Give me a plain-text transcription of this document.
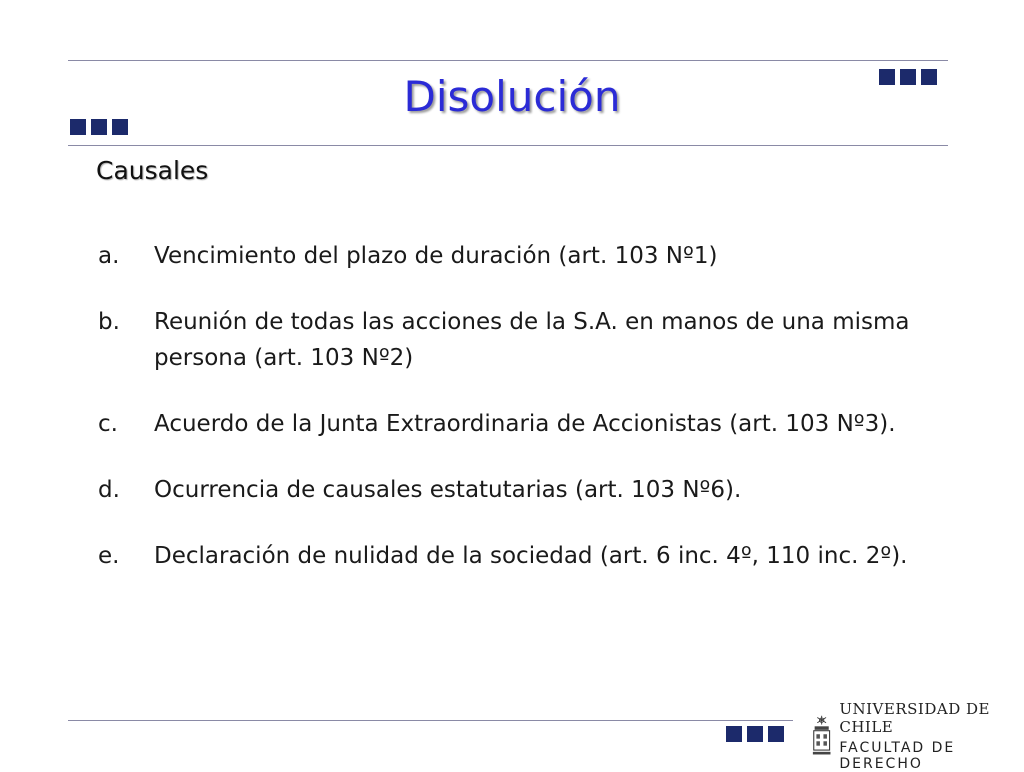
Disolución
Causales
a.	Vencimiento del plazo de duración (art. 103 Nº1)
b.	Reunión de todas las acciones de la S.A. en manos de una misma persona (art. 103 Nº2)
c.	Acuerdo de la Junta Extraordinaria de Accionistas (art. 103 Nº3).
d.	Ocurrencia de causales estatutarias (art. 103 Nº6).
e.	Declaración de nulidad de la sociedad (art. 6 inc. 4º, 110 inc. 2º).
UNIVERSIDAD DE CHILE
FACULTAD DE DERECHO
